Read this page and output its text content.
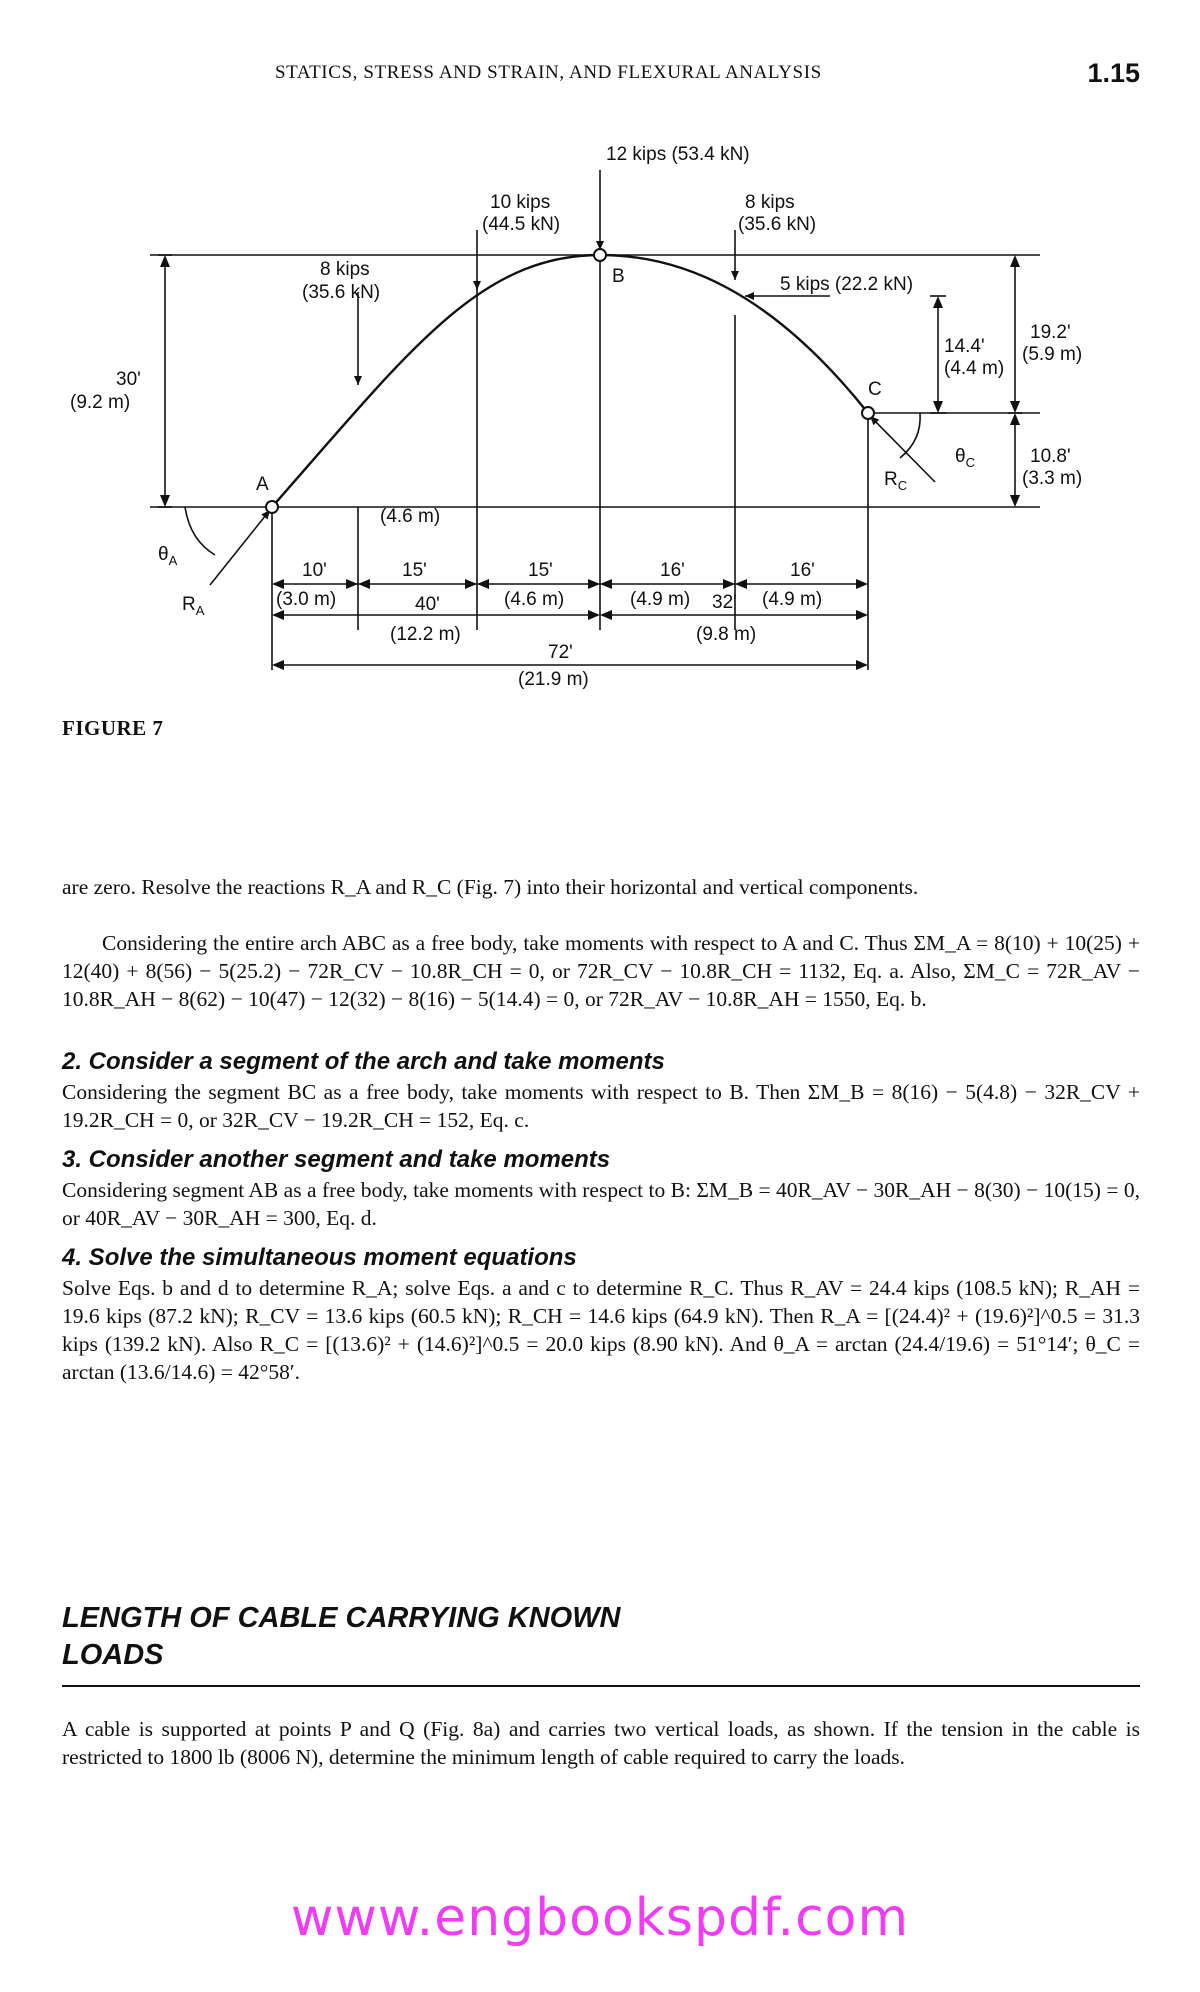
STATICS, STRESS AND STRAIN, AND FLEXURAL ANALYSIS	1.15
12 kips (53.4 kN)
10 kips
(44.5 kN)
8 kips
(35.6 kN)
8 kips
(35.6 kN)	5 kips (22.2 kN)
A
B
C
$R_A$
$\theta_A$
$R_C$
$\theta_C$
30'
(9.2 m)
19.2'
(5.9 m)
14.4'
(4.4 m)
10.8'
(3.3 m)
10'
(3.0 m)
15'
(4.6 m)
15'
(4.6 m)
16'
(4.9 m)
16'
(4.9 m)
40'
(12.2 m)
32'
(9.8 m)
72'
(21.9 m)
FIGURE 7

are zero. Resolve the reactions R_A and R_C (Fig. 7) into their horizontal and vertical components.

Considering the entire arch ABC as a free body, take moments with respect to A and C. Thus ΣM_A = 8(10) + 10(25) + 12(40) + 8(56) − 5(25.2) − 72R_CV − 10.8R_CH = 0, or 72R_CV − 10.8R_CH = 1132, Eq. a. Also, ΣM_C = 72R_AV − 10.8R_AH − 8(62) − 10(47) − 12(32) − 8(16) − 5(14.4) = 0, or 72R_AV − 10.8R_AH = 1550, Eq. b.

2. Consider a segment of the arch and take moments

Considering the segment BC as a free body, take moments with respect to B. Then ΣM_B = 8(16) − 5(4.8) − 32R_CV + 19.2R_CH = 0, or 32R_CV − 19.2R_CH = 152, Eq. c.

3. Consider another segment and take moments

Considering segment AB as a free body, take moments with respect to B: ΣM_B = 40R_AV − 30R_AH − 8(30) − 10(15) = 0, or 40R_AV − 30R_AH = 300, Eq. d.

4. Solve the simultaneous moment equations

Solve Eqs. b and d to determine R_A; solve Eqs. a and c to determine R_C. Thus R_AV = 24.4 kips (108.5 kN); R_AH = 19.6 kips (87.2 kN); R_CV = 13.6 kips (60.5 kN); R_CH = 14.6 kips (64.9 kN). Then R_A = [(24.4)² + (19.6)²]^0.5 = 31.3 kips (139.2 kN). Also R_C = [(13.6)² + (14.6)²]^0.5 = 20.0 kips (8.90 kN). And θ_A = arctan (24.4/19.6) = 51°14′; θ_C = arctan (13.6/14.6) = 42°58′.

LENGTH OF CABLE CARRYING KNOWN LOADS

A cable is supported at points P and Q (Fig. 8a) and carries two vertical loads, as shown. If the tension in the cable is restricted to 1800 lb (8006 N), determine the minimum length of cable required to carry the loads.

www.engbookspdf.com
